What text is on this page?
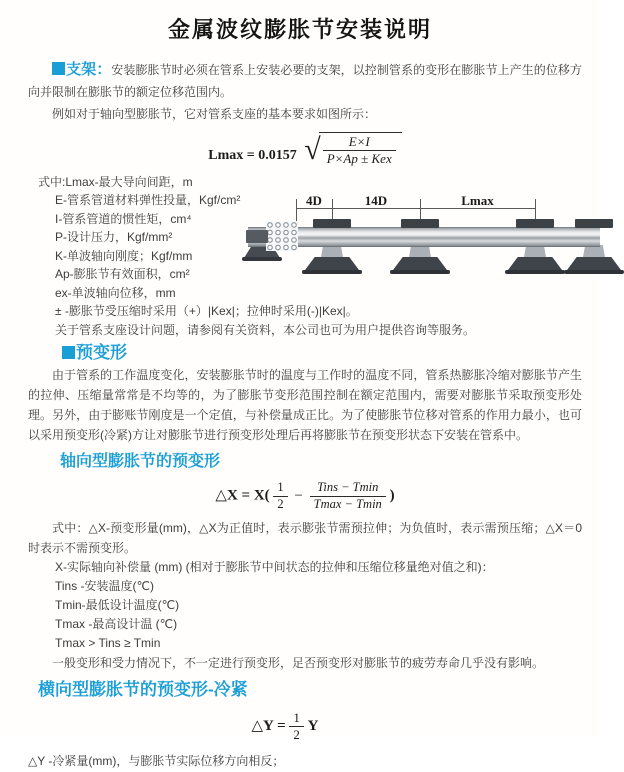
金属波纹膨胀节安装说明

支架：安装膨胀节时必须在管系上安装必要的支架，以控制管系的变形在膨胀节上产生的位移方向并限制在膨胀节的额定位移范围内。

例如对于轴向型膨胀节，它对管系支座的基本要求如图所示：

Lmax = 0.0157 √ $\frac{E\times I}{\text{P×Ap ± Kex}}$
式中:Lmax-最大导向间距，m
E-管系管道材料弹性投量，Kgf/cm²
I-管系管道的惯性矩，cm⁴
P-设计压力，Kgf/mm²
K-单波轴向刚度；Kgf/mm
Ap-膨胀节有效面积，cm²
ex-单波轴向位移，mm
± -膨胀节受压缩时采用（+）|Kex|；拉伸时采用(-)|Kex|。
关于管系支座设计问题，请参阅有关资料，本公司也可为用户提供咨询等服务。

预变形

由于管系的工作温度变化，安装膨胀节时的温度与工作时的温度不同，管系热膨胀冷缩对膨胀节产生的拉伸、压缩量常常是不均等的，为了膨胀节变形范围控制在额定范围内，需要对膨胀节采取预变形处理。另外，由于膨账节刚度是一个定值，与补偿量成正比。为了使膨胀节位移对管系的作用力最小，也可以采用预变形(冷紧)方让对膨胀节进行预变形处理后再将膨胀节在预变形状态下安装在管系中。

轴向型膨胀节的预变形
△X = $X( \frac{1}{2} - \frac{\text{Tins − Tmin}}{Tmax - Tmin}$ )

式中：△X-预变形量(mm)，△X为正值时，表示膨张节需预拉伸；为负值时，表示需预压缩；△X＝0时表示不需预变形。

X-实际轴向补偿量 (mm) (相对于膨胀节中间状态的拉伸和压缩位移量绝对值之和)：
Tins -安装温度(℃)
Tmin-最低设计温度(℃)
Tmax -最高设计温 (℃)
Tmax > Tins ≥ Tmin

一般变形和受力情况下，不一定进行预变形，足否预变形对膨胀节的疲劳寿命几乎没有影响。

横向型膨胀节的预变形-冷紧
△Y = $\frac{1}{2}$ Y
△Y -冷紧量(mm)，与膨胀节实际位移方向相反；
4D	14D	Lmax
